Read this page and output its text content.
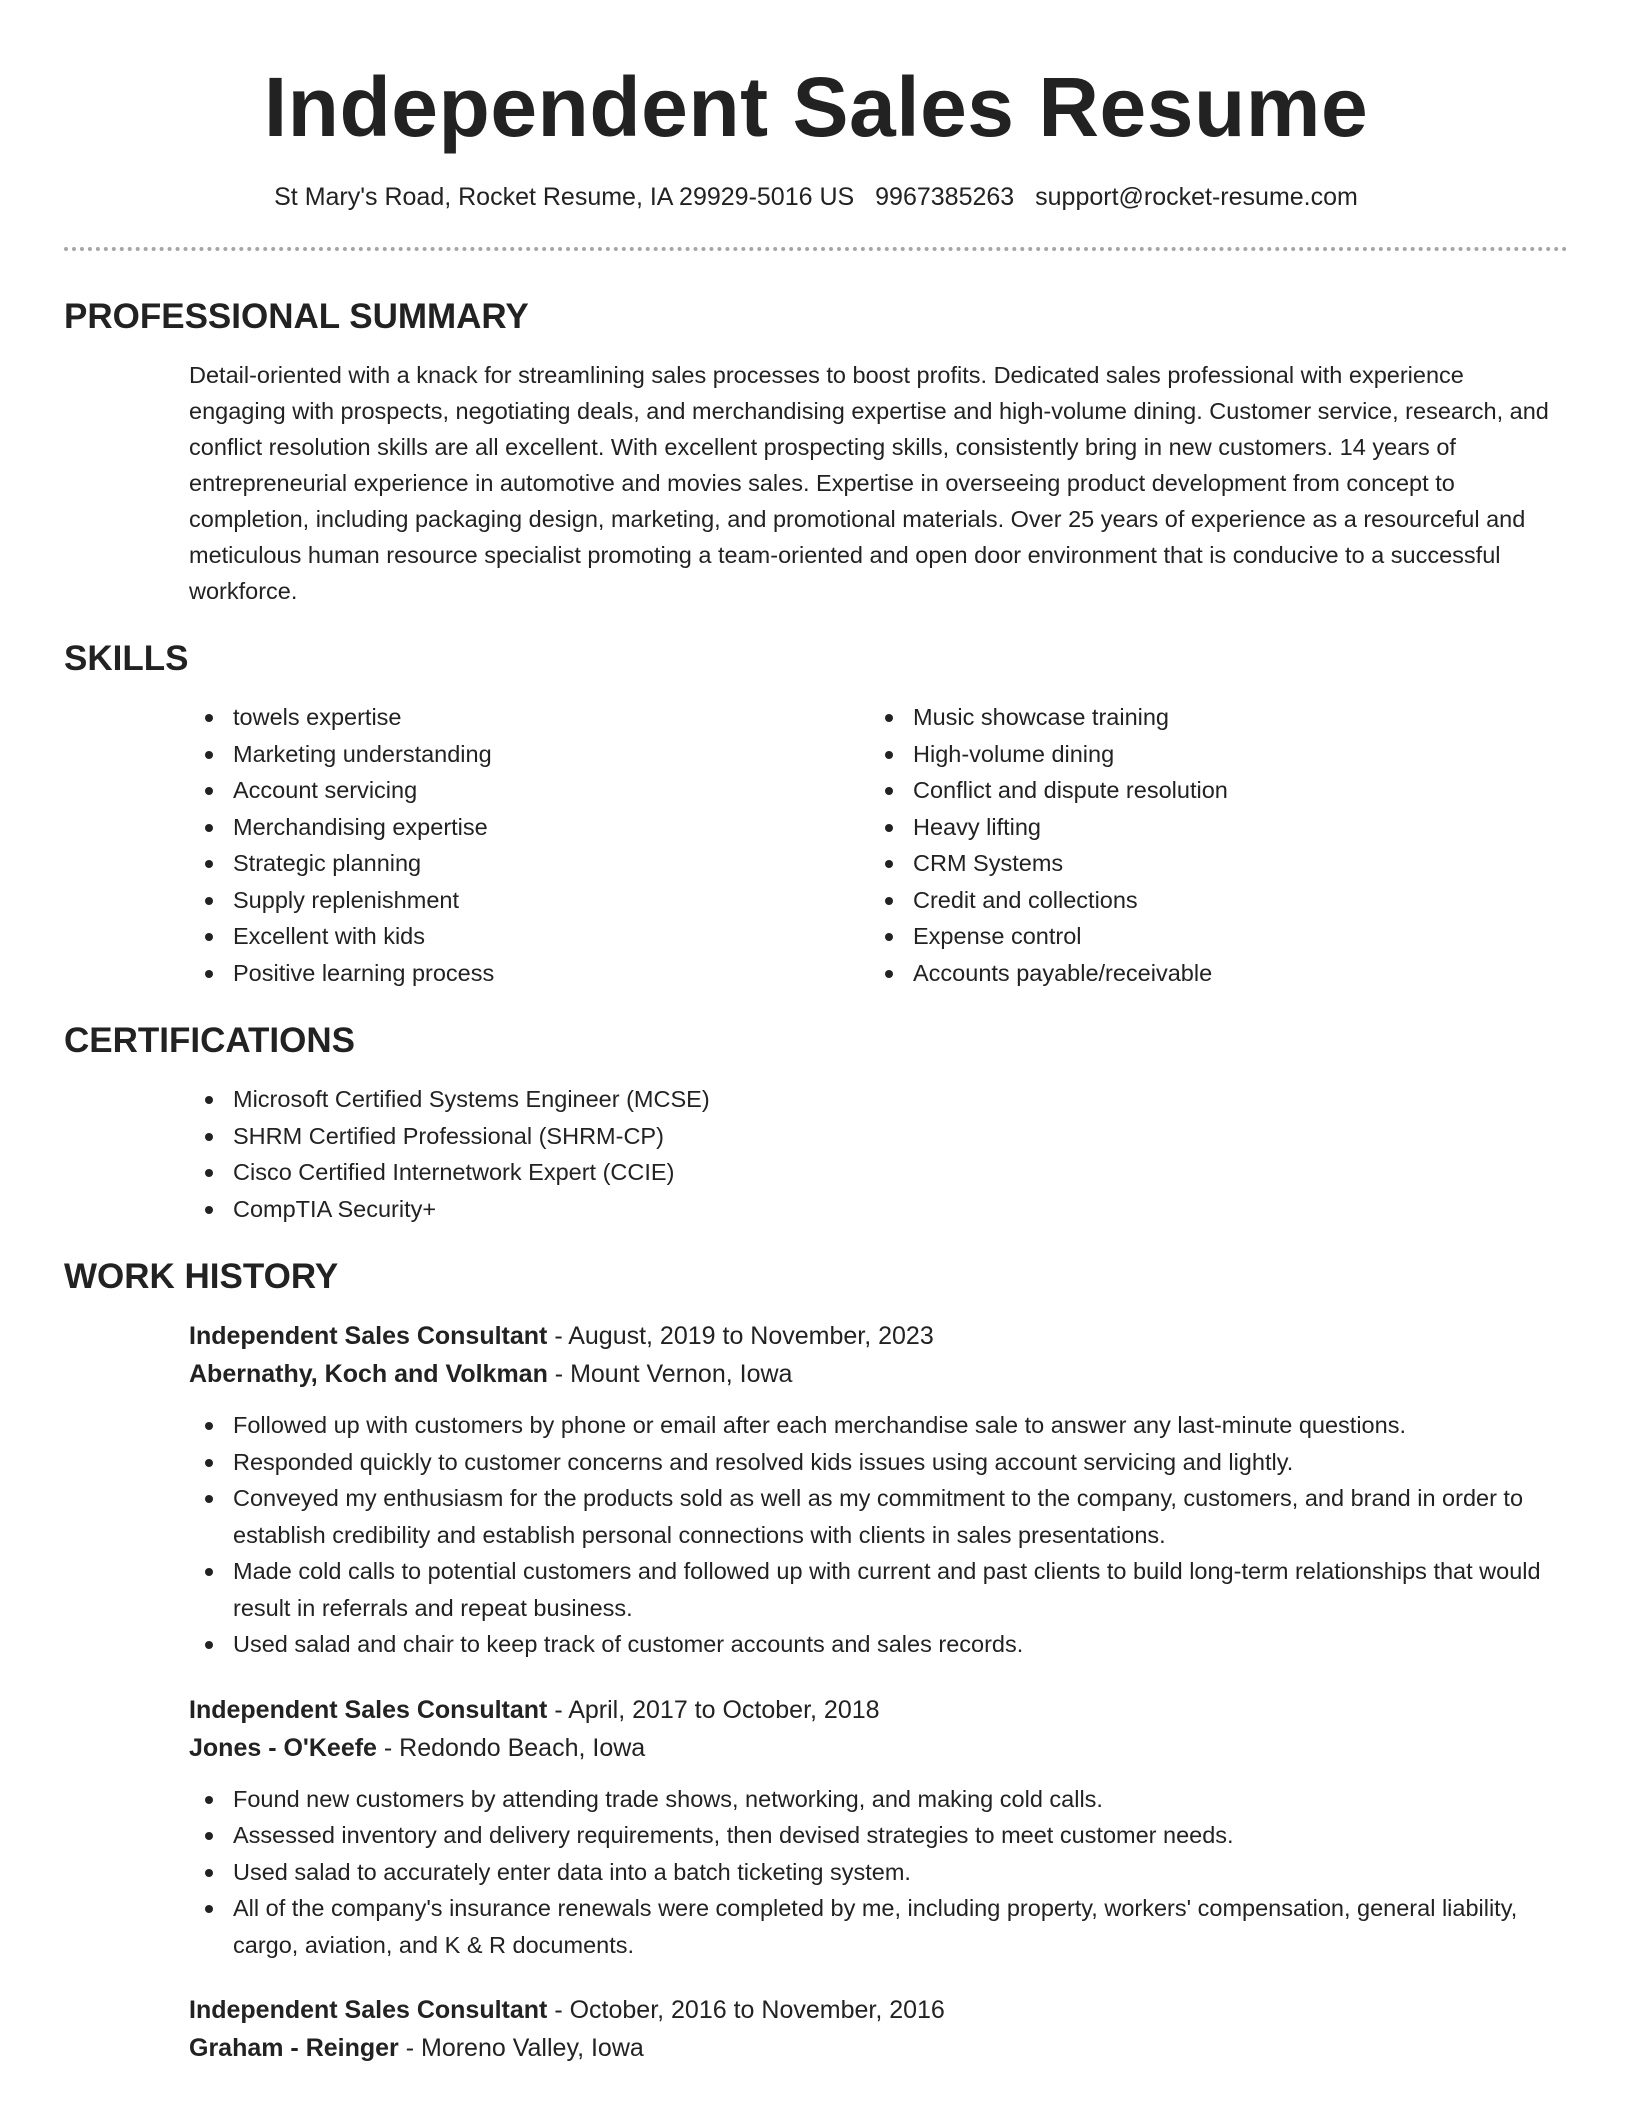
Independent Sales Resume
St Mary's Road, Rocket Resume, IA 29929-5016 US 9967385263 support@rocket-resume.com
PROFESSIONAL SUMMARY

Detail-oriented with a knack for streamlining sales processes to boost profits. Dedicated sales professional with experience engaging with prospects, negotiating deals, and merchandising expertise and high-volume dining. Customer service, research, and conflict resolution skills are all excellent. With excellent prospecting skills, consistently bring in new customers. 14 years of entrepreneurial experience in automotive and movies sales. Expertise in overseeing product development from concept to completion, including packaging design, marketing, and promotional materials. Over 25 years of experience as a resourceful and meticulous human resource specialist promoting a team-oriented and open door environment that is conducive to a successful workforce.

SKILLS
towels expertise
Marketing understanding
Account servicing
Merchandising expertise
Strategic planning
Supply replenishment
Excellent with kids
Positive learning process
Music showcase training
High-volume dining
Conflict and dispute resolution
Heavy lifting
CRM Systems
Credit and collections
Expense control
Accounts payable/receivable
CERTIFICATIONS
Microsoft Certified Systems Engineer (MCSE)
SHRM Certified Professional (SHRM-CP)
Cisco Certified Internetwork Expert (CCIE)
CompTIA Security+
WORK HISTORY
Independent Sales Consultant - August, 2019 to November, 2023
Abernathy, Koch and Volkman - Mount Vernon, Iowa
Followed up with customers by phone or email after each merchandise sale to answer any last-minute questions.
Responded quickly to customer concerns and resolved kids issues using account servicing and lightly.
Conveyed my enthusiasm for the products sold as well as my commitment to the company, customers, and brand in order to establish credibility and establish personal connections with clients in sales presentations.
Made cold calls to potential customers and followed up with current and past clients to build long-term relationships that would result in referrals and repeat business.
Used salad and chair to keep track of customer accounts and sales records.
Independent Sales Consultant - April, 2017 to October, 2018
Jones - O'Keefe - Redondo Beach, Iowa
Found new customers by attending trade shows, networking, and making cold calls.
Assessed inventory and delivery requirements, then devised strategies to meet customer needs.
Used salad to accurately enter data into a batch ticketing system.
All of the company's insurance renewals were completed by me, including property, workers' compensation, general liability, cargo, aviation, and K & R documents.
Independent Sales Consultant - October, 2016 to November, 2016
Graham - Reinger - Moreno Valley, Iowa
